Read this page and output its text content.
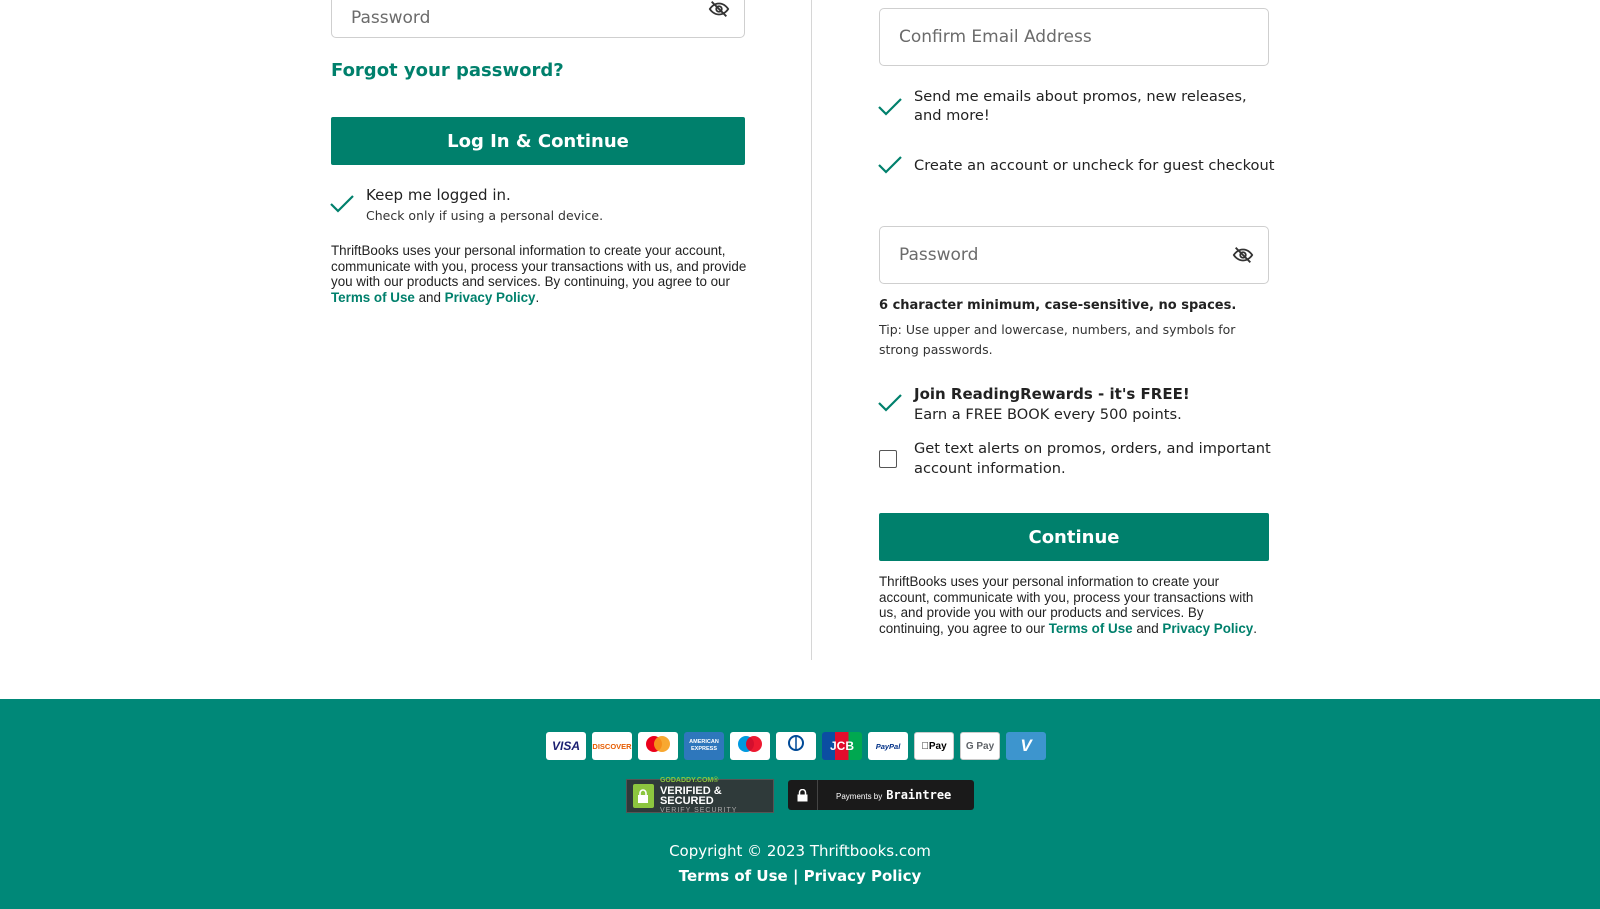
Forgot your password?
Log In & Continue
Keep me logged in.
Check only if using a personal device.
ThriftBooks uses your personal information to create your account, communicate with you, process your transactions with us, and provide you with our products and services. By continuing, you agree to our Terms of Use and Privacy Policy.
Confirm Email Address
Send me emails about promos, new releases, and more!
Create an account or uncheck for guest checkout
6 character minimum, case-sensitive, no spaces.
Tip: Use upper and lowercase, numbers, and symbols for strong passwords.
Join ReadingRewards - it's FREE!
Earn a FREE BOOK every 500 points.
Get text alerts on promos, orders, and important account information.
Continue
ThriftBooks uses your personal information to create your account, communicate with you, process your transactions with us, and provide you with our products and services. By continuing, you agree to our Terms of Use and Privacy Policy.
VISA	DISCOVER	AMERICAN EXPRESS	JCB	PayPal	Pay	G Pay	V
GODADDY.COM®
VERIFIED & SECURED
VERIFY SECURITY
Payments by Braintree
Copyright © 2023 Thriftbooks.com
Terms of Use | Privacy Policy
